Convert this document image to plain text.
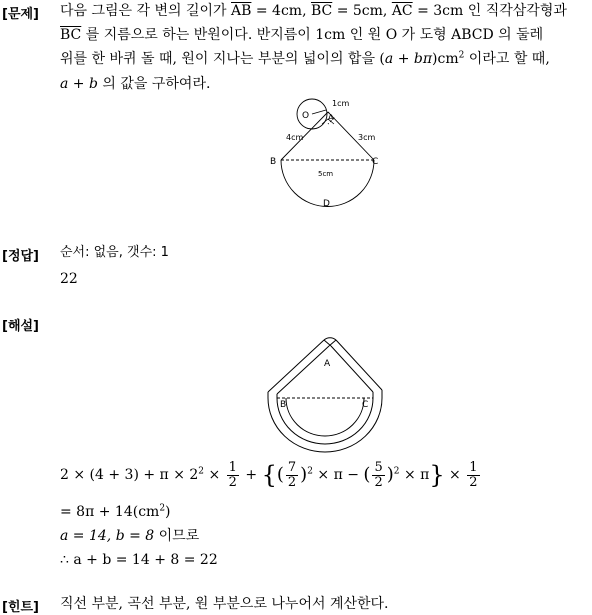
[문제] 다음 그림은 각 변의 길이가 $\overline{AB} = 4cm$, $\overline{BC} = 5cm$, $\overline{AC} = 3cm$ 인 직각삼각형과
$\overline{BC}$ 를 지름으로 하는 반원이다. 반지름이 1cm 인 원 O 가 도형 ABCD 의 둘레
위를 한 바퀴 돌 때, 원이 지나는 부분의 넓이의 합을 $(a + b\pi)cm^2$ 이라고 할 때,
a + b 의 값을 구하여라.
O A
B	C
D
1cm
4cm	3cm
5cm
[정답] 순서: 없음, 갯수: 1
22
[해설]
A
B	C
$2 \times (4 + 3) + \pi \times 2^2 \times \frac{1}{2}$ + {( $\frac{7}{2} )^2 \times \pi$ − ( $\frac{5}{2} )^2 \times \pi\} \times \frac{1}{2}$
= $8\pi + 14(cm^2)$
a = 14, b = 8 이므로
∴ a + b = 14 + 8 = 22
[힌트] 직선 부분, 곡선 부분, 원 부분으로 나누어서 계산한다.
